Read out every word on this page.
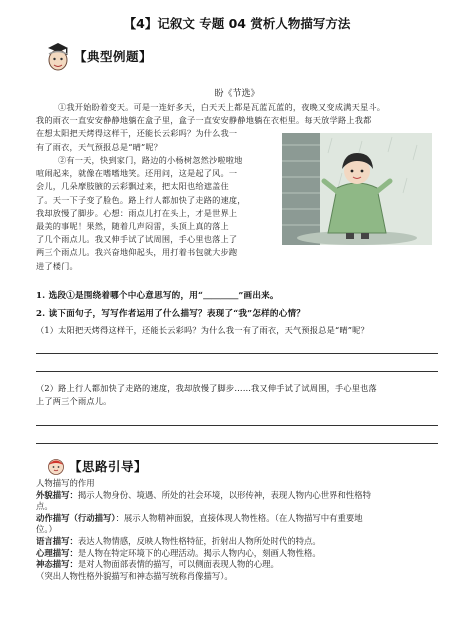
【4】记叙文 专题 04 赏析人物描写方法
【典型例题】
盼《节选》
①我开始盼着变天。可是一连好多天，白天天上都是瓦蓝瓦蓝的，夜晚又变成满天星斗。
我的雨衣一直安安静静地躺在盒子里，盒子一直安安静静地躺在衣柜里。每天放学路上我都
在想太阳把天烤得这样干，还能长云彩吗？为什么我一
有了雨衣，天气预报总是“晴”呢？
②有一天，快到家门，路边的小杨树忽然沙啦啦地
喧闹起来，就像在嗜嗜地笑。还用问，这是起了风。一
会儿，几朵摩肢腋的云彩飘过来，把太阳也给遮盖住
了。天一下子变了脸色。路上行人都加快了走路的速度，
我却放慢了脚步。心想：雨点儿打在头上，才是世界上
最美的事呢！果然，随着几声闷雷，头顶上真的落上
了几个雨点儿。我又伸手试了试周围，手心里也落上了
两三个雨点儿。我兴奋地仰起头，用打着书包就大步跑
进了楼门。
1. 选段①是围绕着哪个中心意思写的，用“＿＿＿＿”画出来。
2. 读下面句子，写写作者运用了什么描写？表现了“我”怎样的心情？
（1）太阳把天烤得这样干，还能长云彩吗？为什么我一有了雨衣，天气预报总是“晴”呢？
（2）路上行人都加快了走路的速度，我却放慢了脚步……我又伸手试了试周围，手心里也落
上了两三个雨点儿。
【思路引导】
人物描写的作用
外貌描写：揭示人物身份、境遇、所处的社会环境，以形传神，表现人物内心世界和性格特
点。
动作描写（行动描写）：展示人物精神面貌，直接体现人物性格。（在人物描写中有重要地
位。）
语言描写：表达人物情感，反映人物性格特征，折射出人物所处时代的特点。
心理描写：是人物在特定环境下的心理活动。揭示人物内心，刻画人物性格。
神态描写：是对人物面部表情的描写，可以侧面表现人物的心理。
（突出人物性格外貌描写和神态描写统称肖像描写）。
